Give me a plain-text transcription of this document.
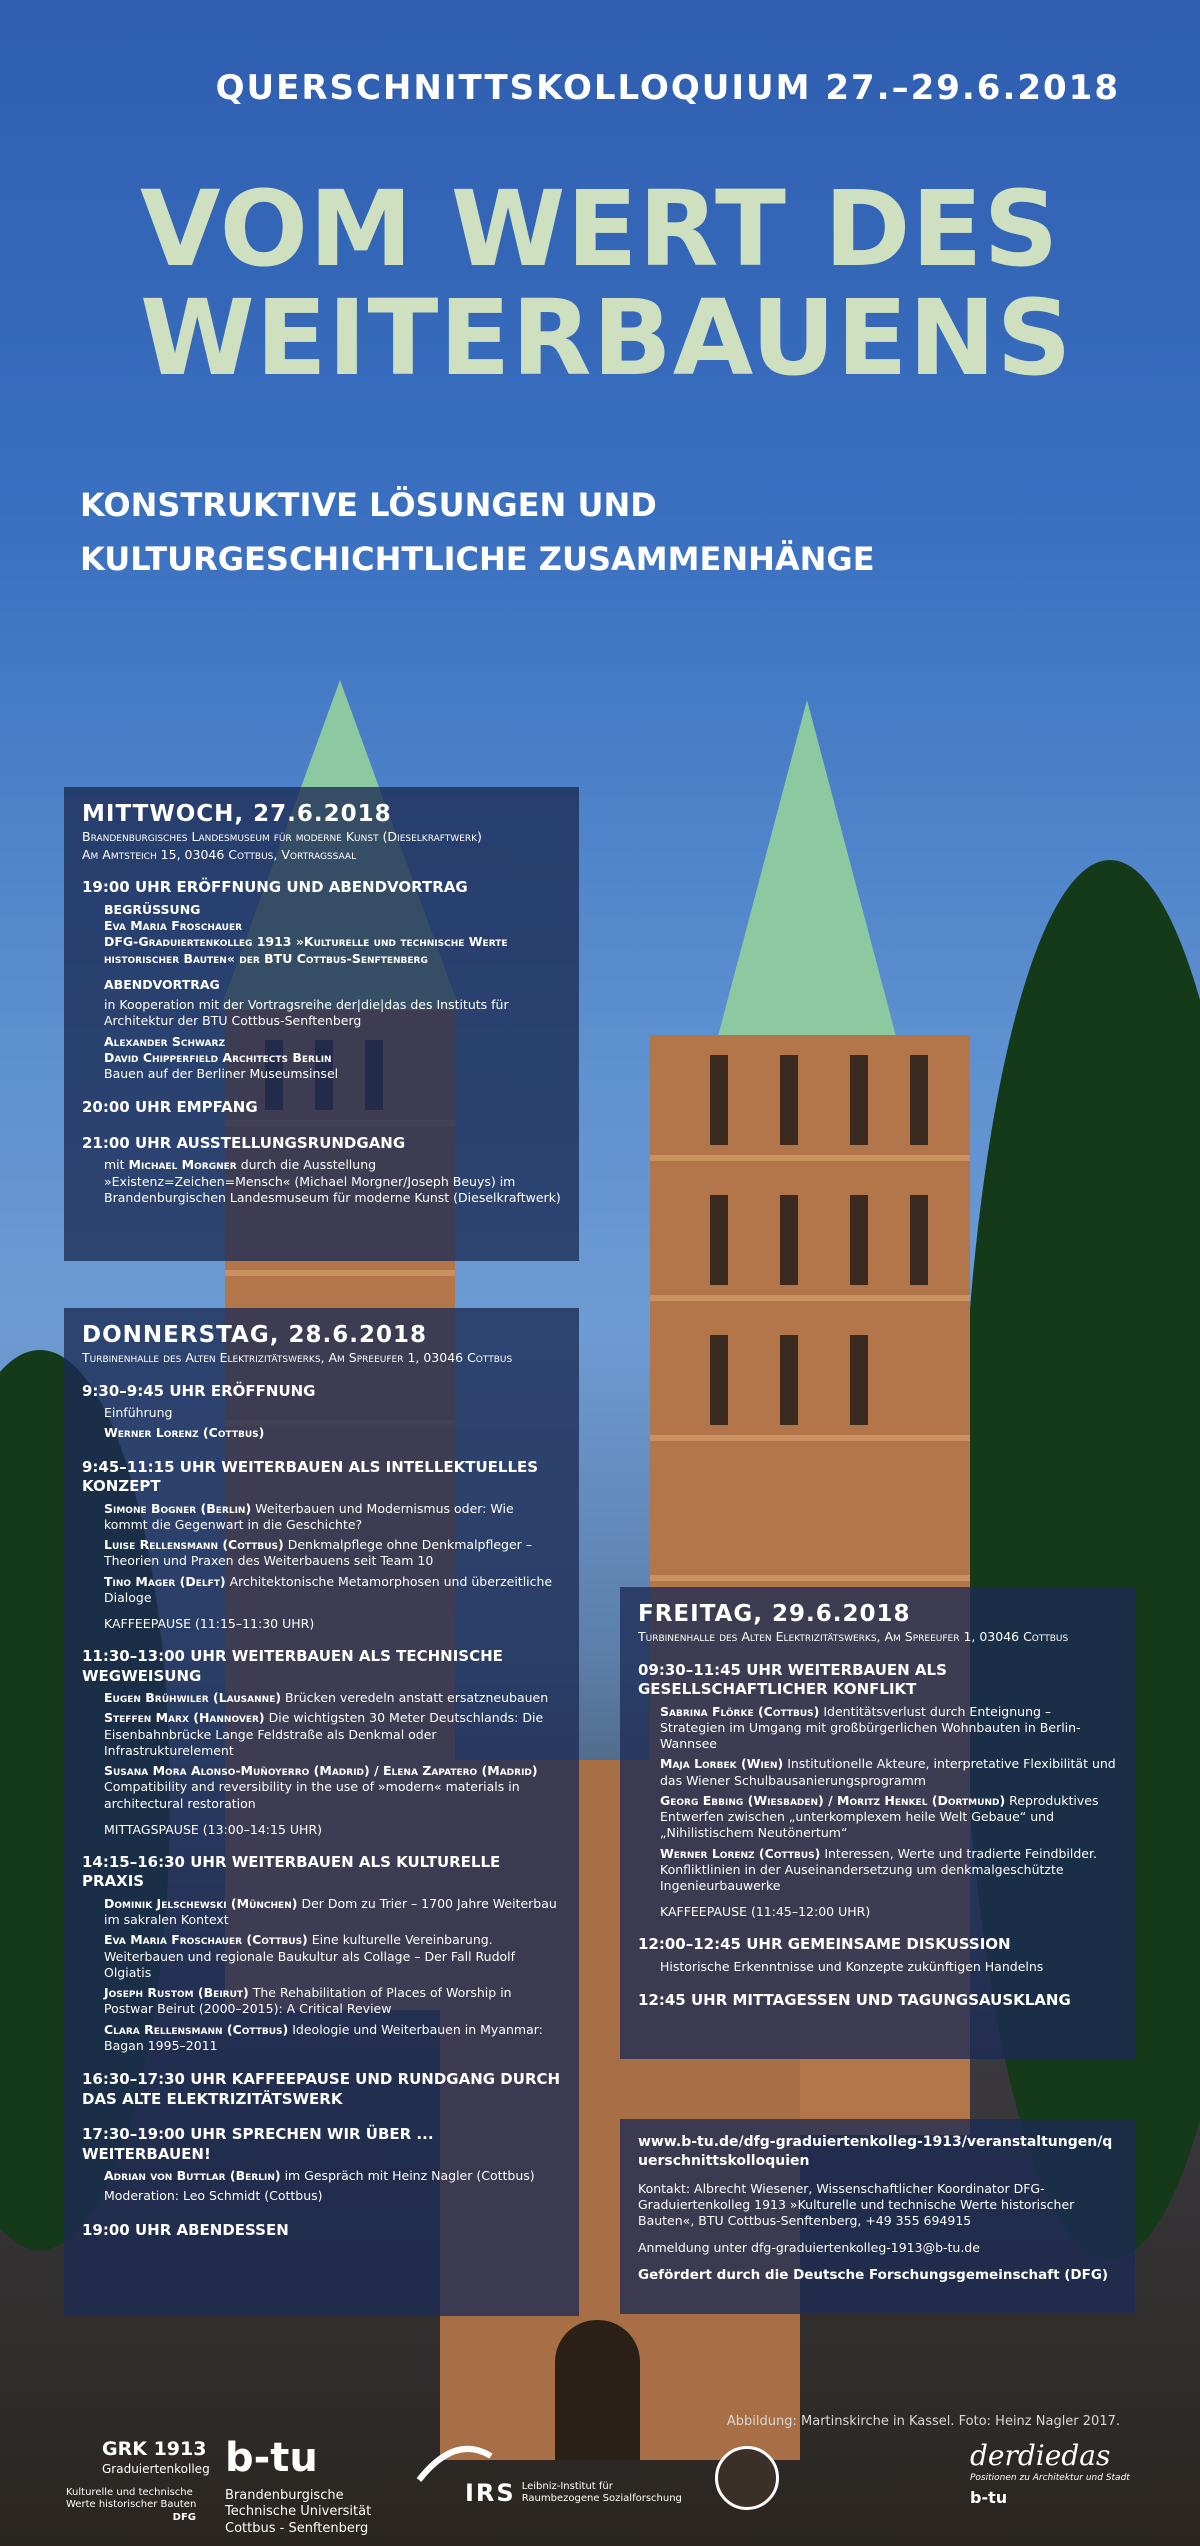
QUERSCHNITTSKOLLOQUIUM 27.–29.6.2018
VOM WERT DES
WEITERBAUENS
KONSTRUKTIVE LÖSUNGEN UND
KULTURGESCHICHTLICHE ZUSAMMENHÄNGE
MITTWOCH, 27.6.2018
Brandenburgisches Landesmuseum für moderne Kunst (Dieselkraftwerk)
Am Amtsteich 15, 03046 Cottbus, Vortragssaal
19:00 UHR ERÖFFNUNG UND ABENDVORTRAG
BEGRÜSSUNG
Eva Maria Froschauer
DFG-Graduiertenkolleg 1913 »Kulturelle und technische Werte historischer Bauten« der BTU Cottbus-Senftenberg
ABENDVORTRAG
in Kooperation mit der Vortragsreihe der|die|das des Instituts für Architektur der BTU Cottbus-Senftenberg
Alexander Schwarz
David Chipperfield Architects Berlin
Bauen auf der Berliner Museumsinsel
20:00 UHR EMPFANG
21:00 UHR AUSSTELLUNGSRUNDGANG
mit Michael Morgner durch die Ausstellung »Existenz=Zeichen=Mensch« (Michael Morgner/Joseph Beuys) im Brandenburgischen Landesmuseum für moderne Kunst (Dieselkraftwerk)
DONNERSTAG, 28.6.2018
Turbinenhalle des Alten Elektrizitätswerks, Am Spreeufer 1, 03046 Cottbus
9:30–9:45 UHR ERÖFFNUNG
Einführung
Werner Lorenz (Cottbus)
9:45–11:15 UHR WEITERBAUEN ALS INTELLEKTUELLES KONZEPT
Simone Bogner (Berlin) Weiterbauen und Modernismus oder: Wie kommt die Gegenwart in die Geschichte?
Luise Rellensmann (Cottbus) Denkmalpflege ohne Denkmalpfleger – Theorien und Praxen des Weiterbauens seit Team 10
Tino Mager (Delft) Architektonische Metamorphosen und überzeitliche Dialoge
KAFFEEPAUSE (11:15–11:30 UHR)
11:30–13:00 UHR WEITERBAUEN ALS TECHNISCHE WEGWEISUNG
Eugen Brühwiler (Lausanne) Brücken veredeln anstatt ersatzneubauen
Steffen Marx (Hannover) Die wichtigsten 30 Meter Deutschlands: Die Eisenbahnbrücke Lange Feldstraße als Denkmal oder Infrastrukturelement
Susana Mora Alonso-Muñoyerro (Madrid) / Elena Zapatero (Madrid) Compatibility and reversibility in the use of »modern« materials in architectural restoration
MITTAGSPAUSE (13:00–14:15 UHR)
14:15–16:30 UHR WEITERBAUEN ALS KULTURELLE PRAXIS
Dominik Jelschewski (München) Der Dom zu Trier – 1700 Jahre Weiterbau im sakralen Kontext
Eva Maria Froschauer (Cottbus) Eine kulturelle Vereinbarung. Weiterbauen und regionale Baukultur als Collage – Der Fall Rudolf Olgiatis
Joseph Rustom (Beirut) The Rehabilitation of Places of Worship in Postwar Beirut (2000–2015): A Critical Review
Clara Rellensmann (Cottbus) Ideologie und Weiterbauen in Myanmar: Bagan 1995–2011
16:30–17:30 UHR KAFFEEPAUSE UND RUNDGANG DURCH DAS ALTE ELEKTRIZITÄTSWERK
17:30–19:00 UHR SPRECHEN WIR ÜBER ... WEITERBAUEN!
Adrian von Buttlar (Berlin) im Gespräch mit Heinz Nagler (Cottbus)
Moderation: Leo Schmidt (Cottbus)
19:00 UHR ABENDESSEN
FREITAG, 29.6.2018
Turbinenhalle des Alten Elektrizitätswerks, Am Spreeufer 1, 03046 Cottbus
09:30–11:45 UHR WEITERBAUEN ALS GESELLSCHAFTLICHER KONFLIKT
Sabrina Flörke (Cottbus) Identitätsverlust durch Enteignung – Strategien im Umgang mit großbürgerlichen Wohnbauten in Berlin-Wannsee
Maja Lorbek (Wien) Institutionelle Akteure, interpretative Flexibilität und das Wiener Schulbausanierungsprogramm
Georg Ebbing (Wiesbaden) / Moritz Henkel (Dortmund) Reproduktives Entwerfen zwischen „unterkomplexem heile Welt Gebaue“ und „Nihilistischem Neutönertum“
Werner Lorenz (Cottbus) Interessen, Werte und tradierte Feindbilder. Konfliktlinien in der Auseinandersetzung um denkmalgeschützte Ingenieurbauwerke
KAFFEEPAUSE (11:45–12:00 UHR)
12:00–12:45 UHR GEMEINSAME DISKUSSION
Historische Erkenntnisse und Konzepte zukünftigen Handelns
12:45 UHR MITTAGESSEN UND TAGUNGSAUSKLANG
www.b-tu.de/dfg-graduiertenkolleg-1913/veranstaltungen/querschnittskolloquien
Kontakt: Albrecht Wiesener, Wissenschaftlicher Koordinator DFG-Graduiertenkolleg 1913 »Kulturelle und technische Werte historischer Bauten«, BTU Cottbus-Senftenberg, +49 355 694915
Anmeldung unter dfg-graduiertenkolleg-1913@b-tu.de
Gefördert durch die Deutsche Forschungsgemeinschaft (DFG)
Abbildung: Martinskirche in Kassel. Foto: Heinz Nagler 2017.
GRK 1913
Graduiertenkolleg
Kulturelle und technische Werte historischer Bauten
DFG
b-tu
Brandenburgische Technische Universität Cottbus - Senftenberg
IRS Leibniz-Institut für Raumbezogene Sozialforschung
derdiedas
Positionen zu Architektur und Stadt
b-tu
